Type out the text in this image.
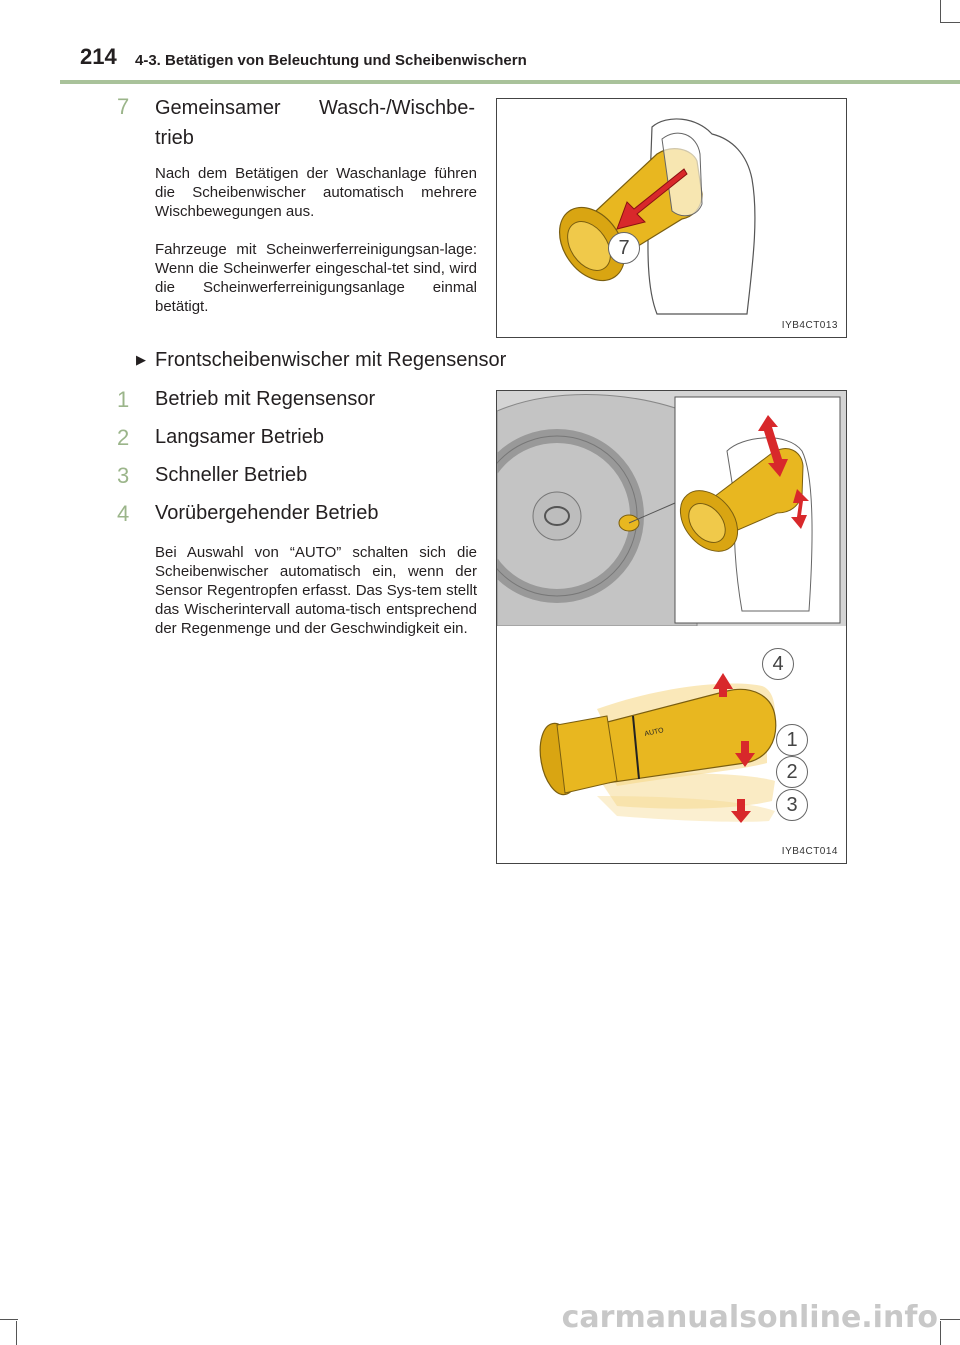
214 4-3. Betätigen von Beleuchtung und Scheibenwischern
7	Gemeinsamer Wasch-/Wischbe-
trieb
Nach dem Betätigen der Waschanlage führen die Scheibenwischer automatisch mehrere Wischbewegungen aus.
Fahrzeuge mit Scheinwerferreinigungsan-lage: Wenn die Scheinwerfer eingeschal-tet sind, wird die Scheinwerferreinigungsanlage einmal betätigt.
7
IYB4CT013
▶ Frontscheibenwischer mit Regensensor
1	Betrieb mit Regensensor
2	Langsamer Betrieb
3	Schneller Betrieb
4	Vorübergehender Betrieb
Bei Auswahl von “AUTO” schalten sich die Scheibenwischer automatisch ein, wenn der Sensor Regentropfen erfasst. Das Sys-tem stellt das Wischerintervall automa-tisch entsprechend der Regenmenge und der Geschwindigkeit ein.
AUTO
4
1
2
3
IYB4CT014
carmanualsonline.info
